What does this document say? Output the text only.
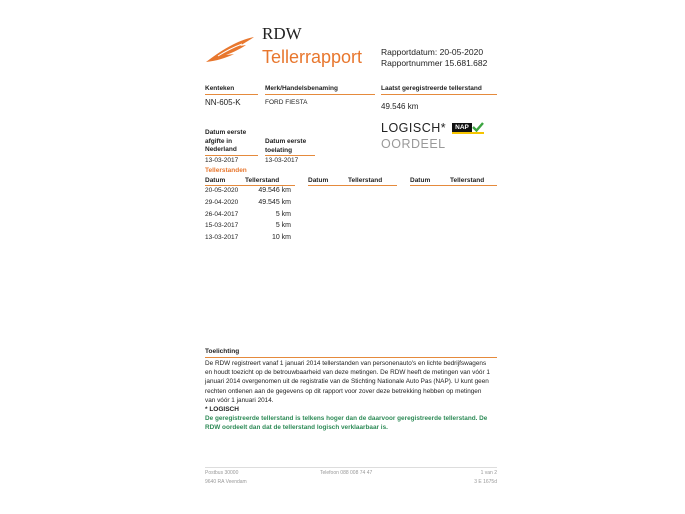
RDW
Tellerrapport Rapportdatum: 20-05-2020
Rapportnummer 15.681.682
Kenteken
NN-605-K
Merk/Handelsbenaming
FORD FIESTA
Laatst geregistreerde tellerstand
49.546 km
LOGISCH*	NAP
OORDEEL
Datum eerste afgifte in Nederland
13-03-2017
Datum eerste toelating
13-03-2017
Tellerstanden
Datum	Tellerstand	Datum	Tellerstand	Datum	Tellerstand
20-05-2020	49.546 km
29-04-2020	49.545 km
26-04-2017	5 km
15-03-2017	5 km
13-03-2017	10 km
Toelichting
De RDW registreert vanaf 1 januari 2014 tellerstanden van personenauto's en lichte bedrijfswagens en houdt toezicht op de betrouwbaarheid van deze metingen. De RDW heeft de metingen van vóór 1 januari 2014 overgenomen uit de registratie van de Stichting Nationale Auto Pas (NAP). U kunt geen rechten ontlenen aan de gegevens op dit rapport voor zover deze betrekking hebben op metingen van vóór 1 januari 2014.
* LOGISCH
De geregistreerde tellerstand is telkens hoger dan de daarvoor geregistreerde tellerstand. De RDW oordeelt dan dat de tellerstand logisch verklaarbaar is.
Postbus 30000
9640 RA Veendam
Telefoon 088 008 74 47	1 van 2
3 E 1675d
